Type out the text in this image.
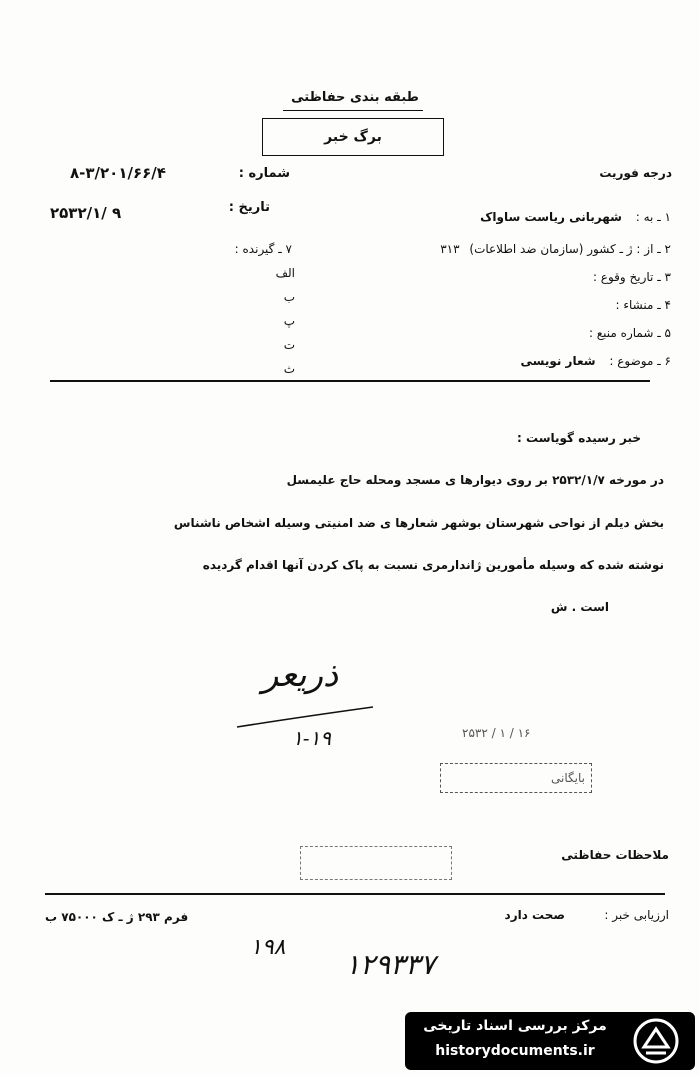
طبقه بندی حفاظتی
برگ خبر
درجه فوریت
شماره :
۸-۳/۲۰۱/۶۶/۴
تاریخ :
۲۵۳۲/۱/ ۹	۱ ـ به : شهربانی ریاست ساواک
۲ ـ از : ژ ـ کشور (سازمان ضد اطلاعات) ۳۱۳
۳ ـ تاریخ وقوع :
۴ ـ منشاء :
۵ ـ شماره منبع :
۶ ـ موضوع : شعار نویسی
۷ ـ گیرنده :
الف
ب
پ
ت
ث
خبر رسیده گویاست :
در مورخه ۲۵۳۲/۱/۷ بر روی دیوارها ی مسجد ومحله حاج علیمسل
بخش دیلم از نواحی شهرستان بوشهر شعارها ی ضد امنیتی وسیله اشخاص ناشناس
نوشته شده که وسیله مأمورین ژاندارمری نسبت به پاک کردن آنها اقدام گردیده
است . ش
ذریعر
۱-۱۹	۲۵۳۲ / ۱ / ۱۶
بایگانی
ملاحظات حفاظتی
ارزیابی خبر :
صحت دارد
فرم ۲۹۳ ژ ـ ک ۷۵۰۰۰ ب
۱۹۸
۱۲۹۳۳۷
مرکز بررسی اسناد تاریخی
historydocuments.ir
